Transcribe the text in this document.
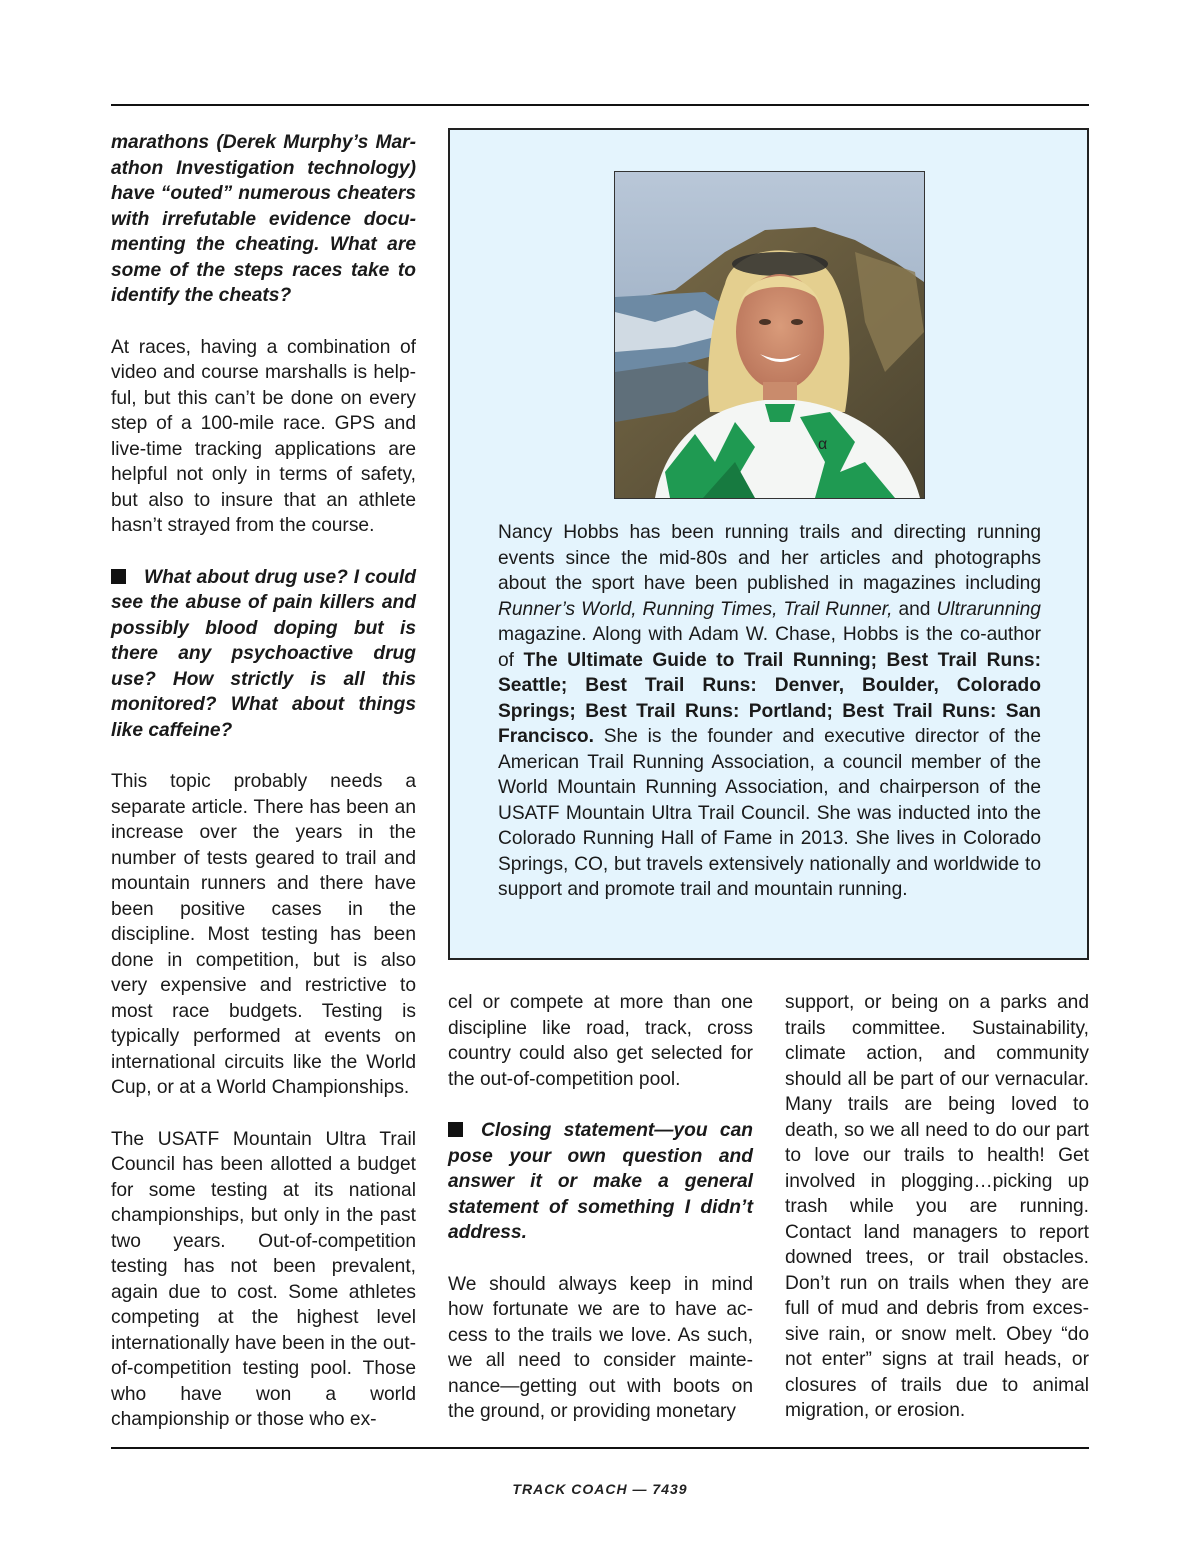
marathons (Derek Murphy’s Marathon Investigation technology) have “outed” numerous cheaters with irrefutable evidence documenting the cheating. What are some of the steps races take to identify the cheats?

At races, having a combination of video and course marshalls is helpful, but this can’t be done on every step of a 100-mile race. GPS and live-time tracking applications are helpful not only in terms of safety, but also to insure that an athlete hasn’t strayed from the course.

What about drug use? I could see the abuse of pain killers and possibly blood doping but is there any psychoactive drug use? How strictly is all this monitored? What about things like caffeine?

This topic probably needs a separate article. There has been an increase over the years in the number of tests geared to trail and mountain runners and there have been positive cases in the discipline. Most testing has been done in competition, but is also very expensive and restrictive to most race budgets. Testing is typically performed at events on international circuits like the World Cup, or at a World Championships.

The USATF Mountain Ultra Trail Council has been allotted a budget for some testing at its national championships, but only in the past two years. Out-of-competition testing has not been prevalent, again due to cost. Some athletes competing at the highest level internationally have been in the out-of-competition testing pool. Those who have won a world championship or those who ex-

α

Nancy Hobbs has been running trails and directing running events since the mid-80s and her articles and photographs about the sport have been published in magazines including Runner’s World, Running Times, Trail Runner, and Ultrarunning magazine. Along with Adam W. Chase, Hobbs is the co-author of The Ultimate Guide to Trail Running; Best Trail Runs: Seattle; Best Trail Runs: Denver, Boulder, Colorado Springs; Best Trail Runs: Portland; Best Trail Runs: San Francisco. She is the founder and executive director of the American Trail Running Association, a council member of the World Mountain Running Association, and chairperson of the USATF Mountain Ultra Trail Council. She was inducted into the Colorado Running Hall of Fame in 2013. She lives in Colorado Springs, CO, but travels extensively nationally and worldwide to support and promote trail and mountain running.

cel or compete at more than one discipline like road, track, cross country could also get selected for the out-of-competition pool.

Closing statement—you can pose your own question and answer it or make a general statement of something I didn’t address.

We should always keep in mind how fortunate we are to have access to the trails we love. As such, we all need to consider maintenance—getting out with boots on the ground, or providing monetary

support, or being on a parks and trails committee. Sustainability, climate action, and community should all be part of our vernacular. Many trails are being loved to death, so we all need to do our part to love our trails to health! Get involved in plogging…picking up trash while you are running. Contact land managers to report downed trees, or trail obstacles. Don’t run on trails when they are full of mud and debris from excessive rain, or snow melt. Obey “do not enter” signs at trail heads, or closures of trails due to animal migration, or erosion.

TRACK COACH — 7439
